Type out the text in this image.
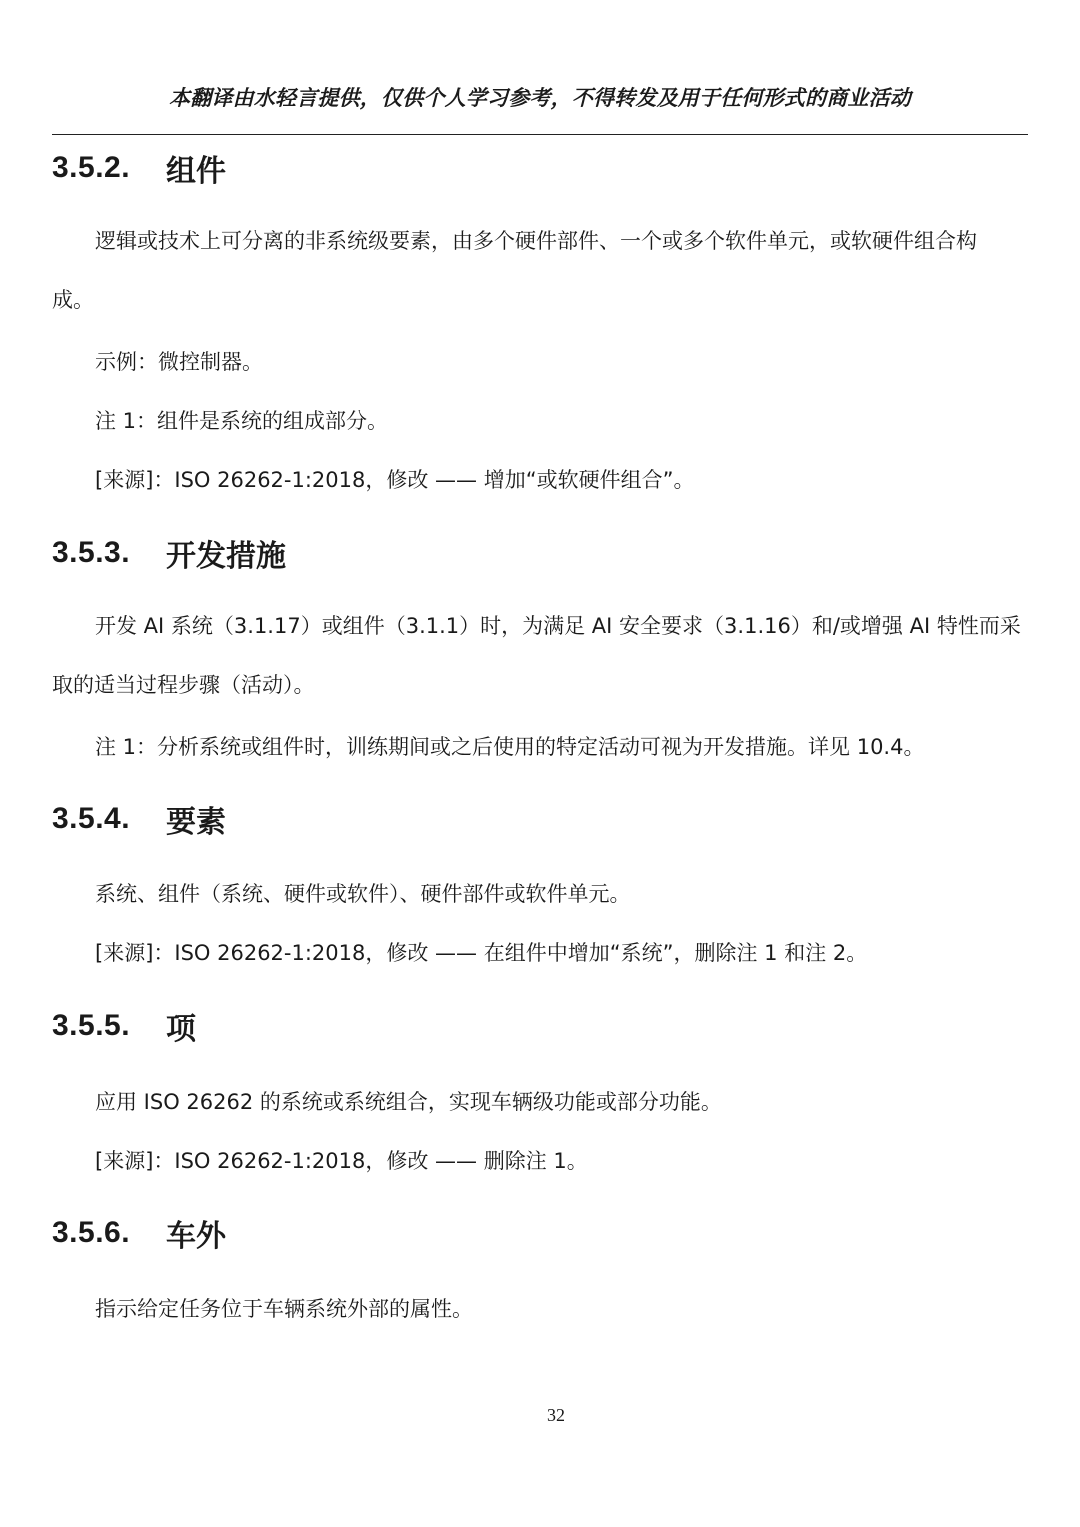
本翻译由水轻言提供，仅供个人学习参考，不得转发及用于任何形式的商业活动
3.5.2.	组件
逻辑或技术上可分离的非系统级要素，由多个硬件部件、一个或多个软件单元，或软硬件组合构
成。
示例：微控制器。
注 1：组件是系统的组成部分。
[来源]：ISO 26262-1:2018，修改 —— 增加“或软硬件组合”。
3.5.3.	开发措施
开发 AI 系统（3.1.17）或组件（3.1.1）时，为满足 AI 安全要求（3.1.16）和/或增强 AI 特性而采
取的适当过程步骤（活动）。
注 1：分析系统或组件时，训练期间或之后使用的特定活动可视为开发措施。详见 10.4。
3.5.4.	要素
系统、组件（系统、硬件或软件）、硬件部件或软件单元。
[来源]：ISO 26262-1:2018，修改 —— 在组件中增加“系统”，删除注 1 和注 2。
3.5.5.	项
应用 ISO 26262 的系统或系统组合，实现车辆级功能或部分功能。
[来源]：ISO 26262-1:2018，修改 —— 删除注 1。
3.5.6.	车外
指示给定任务位于车辆系统外部的属性。
32
